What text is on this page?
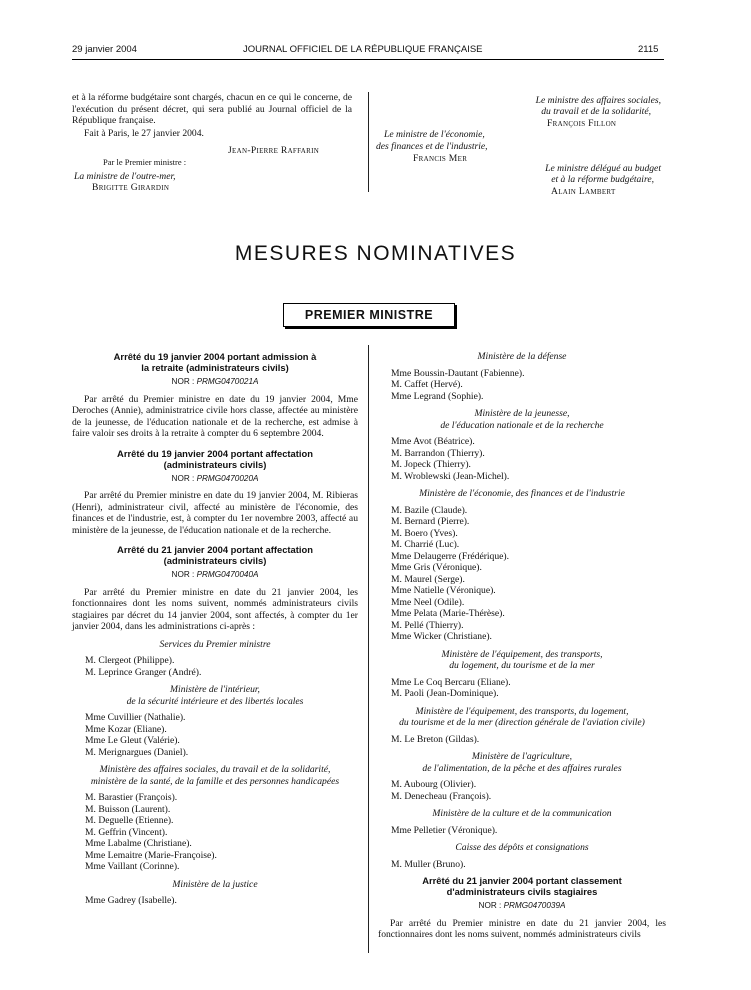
29 janvier 2004	JOURNAL OFFICIEL DE LA RÉPUBLIQUE FRANÇAISE	2115
et à la réforme budgétaire sont chargés, chacun en ce qui le concerne, de l'exécution du présent décret, qui sera publié au Journal officiel de la République française.
Fait à Paris, le 27 janvier 2004.
Jean-Pierre Raffarin
Par le Premier ministre :
La ministre de l'outre-mer,
Brigitte Girardin
Le ministre des affaires sociales,
du travail et de la solidarité,
François Fillon
Le ministre de l'économie,
des finances et de l'industrie,
Francis Mer
Le ministre délégué au budget
et à la réforme budgétaire,
Alain Lambert
MESURES NOMINATIVES
PREMIER MINISTRE
Arrêté du 19 janvier 2004 portant admission à la retraite (administrateurs civils)
NOR : PRMG0470021A
Par arrêté du Premier ministre en date du 19 janvier 2004, Mme Deroches (Annie), administratrice civile hors classe, affectée au ministère de la jeunesse, de l'éducation nationale et de la recherche, est admise à faire valoir ses droits à la retraite à compter du 6 septembre 2004.
Arrêté du 19 janvier 2004 portant affectation (administrateurs civils)
NOR : PRMG0470020A
Par arrêté du Premier ministre en date du 19 janvier 2004, M. Ribieras (Henri), administrateur civil, affecté au ministère de l'économie, des finances et de l'industrie, est, à compter du 1er novembre 2003, affecté au ministère de la jeunesse, de l'éducation nationale et de la recherche.
Arrêté du 21 janvier 2004 portant affectation (administrateurs civils)
NOR : PRMG0470040A
Par arrêté du Premier ministre en date du 21 janvier 2004, les fonctionnaires dont les noms suivent, nommés administrateurs civils stagiaires par décret du 14 janvier 2004, sont affectés, à compter du 1er janvier 2004, dans les administrations ci-après :
Services du Premier ministre
M. Clergeot (Philippe).
M. Leprince Granger (André).
Ministère de l'intérieur,
de la sécurité intérieure et des libertés locales
Mme Cuvillier (Nathalie).
Mme Kozar (Eliane).
Mme Le Gleut (Valérie).
M. Merignargues (Daniel).
Ministère des affaires sociales, du travail et de la solidarité,
ministère de la santé, de la famille et des personnes handicapées
M. Barastier (François).
M. Buisson (Laurent).
M. Deguelle (Etienne).
M. Geffrin (Vincent).
Mme Labalme (Christiane).
Mme Lemaitre (Marie-Françoise).
Mme Vaillant (Corinne).
Ministère de la justice
Mme Gadrey (Isabelle).
Ministère de la défense
Mme Boussin-Dautant (Fabienne).
M. Caffet (Hervé).
Mme Legrand (Sophie).
Ministère de la jeunesse,
de l'éducation nationale et de la recherche
Mme Avot (Béatrice).
M. Barrandon (Thierry).
M. Jopeck (Thierry).
M. Wroblewski (Jean-Michel).
Ministère de l'économie, des finances et de l'industrie
M. Bazile (Claude).
M. Bernard (Pierre).
M. Boero (Yves).
M. Charrié (Luc).
Mme Delaugerre (Frédérique).
Mme Gris (Véronique).
M. Maurel (Serge).
Mme Natielle (Véronique).
Mme Neel (Odile).
Mme Pelata (Marie-Thérèse).
M. Pellé (Thierry).
Mme Wicker (Christiane).
Ministère de l'équipement, des transports,
du logement, du tourisme et de la mer
Mme Le Coq Bercaru (Eliane).
M. Paoli (Jean-Dominique).
Ministère de l'équipement, des transports, du logement,
du tourisme et de la mer (direction générale de l'aviation civile)
M. Le Breton (Gildas).
Ministère de l'agriculture,
de l'alimentation, de la pêche et des affaires rurales
M. Aubourg (Olivier).
M. Denecheau (François).
Ministère de la culture et de la communication
Mme Pelletier (Véronique).
Caisse des dépôts et consignations
M. Muller (Bruno).
Arrêté du 21 janvier 2004 portant classement d'administrateurs civils stagiaires
NOR : PRMG0470039A
Par arrêté du Premier ministre en date du 21 janvier 2004, les fonctionnaires dont les noms suivent, nommés administrateurs civils
